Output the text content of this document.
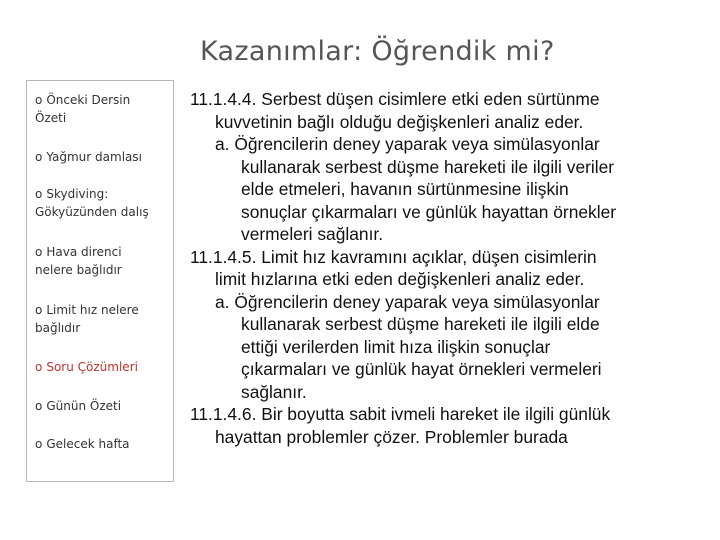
Kazanımlar: Öğrendik mi?
o Önceki Dersin
Özeti
o Yağmur damlası
o Skydiving:
Gökyüzünden dalış
o Hava direnci
nelere bağlıdır
o Limit hız nelere
bağlıdır
o Soru Çözümleri
o Günün Özeti
o Gelecek hafta
11.1.4.4. Serbest düşen cisimlere etki eden sürtünme
kuvvetinin bağlı olduğu değişkenleri analiz eder.
a. Öğrencilerin deney yaparak veya simülasyonlar
kullanarak serbest düşme hareketi ile ilgili veriler
elde etmeleri, havanın sürtünmesine ilişkin
sonuçlar çıkarmaları ve günlük hayattan örnekler
vermeleri sağlanır.
11.1.4.5. Limit hız kavramını açıklar, düşen cisimlerin
limit hızlarına etki eden değişkenleri analiz eder.
a. Öğrencilerin deney yaparak veya simülasyonlar
kullanarak serbest düşme hareketi ile ilgili elde
ettiği verilerden limit hıza ilişkin sonuçlar
çıkarmaları ve günlük hayat örnekleri vermeleri
sağlanır.
11.1.4.6. Bir boyutta sabit ivmeli hareket ile ilgili günlük
hayattan problemler çözer. Problemler burada
